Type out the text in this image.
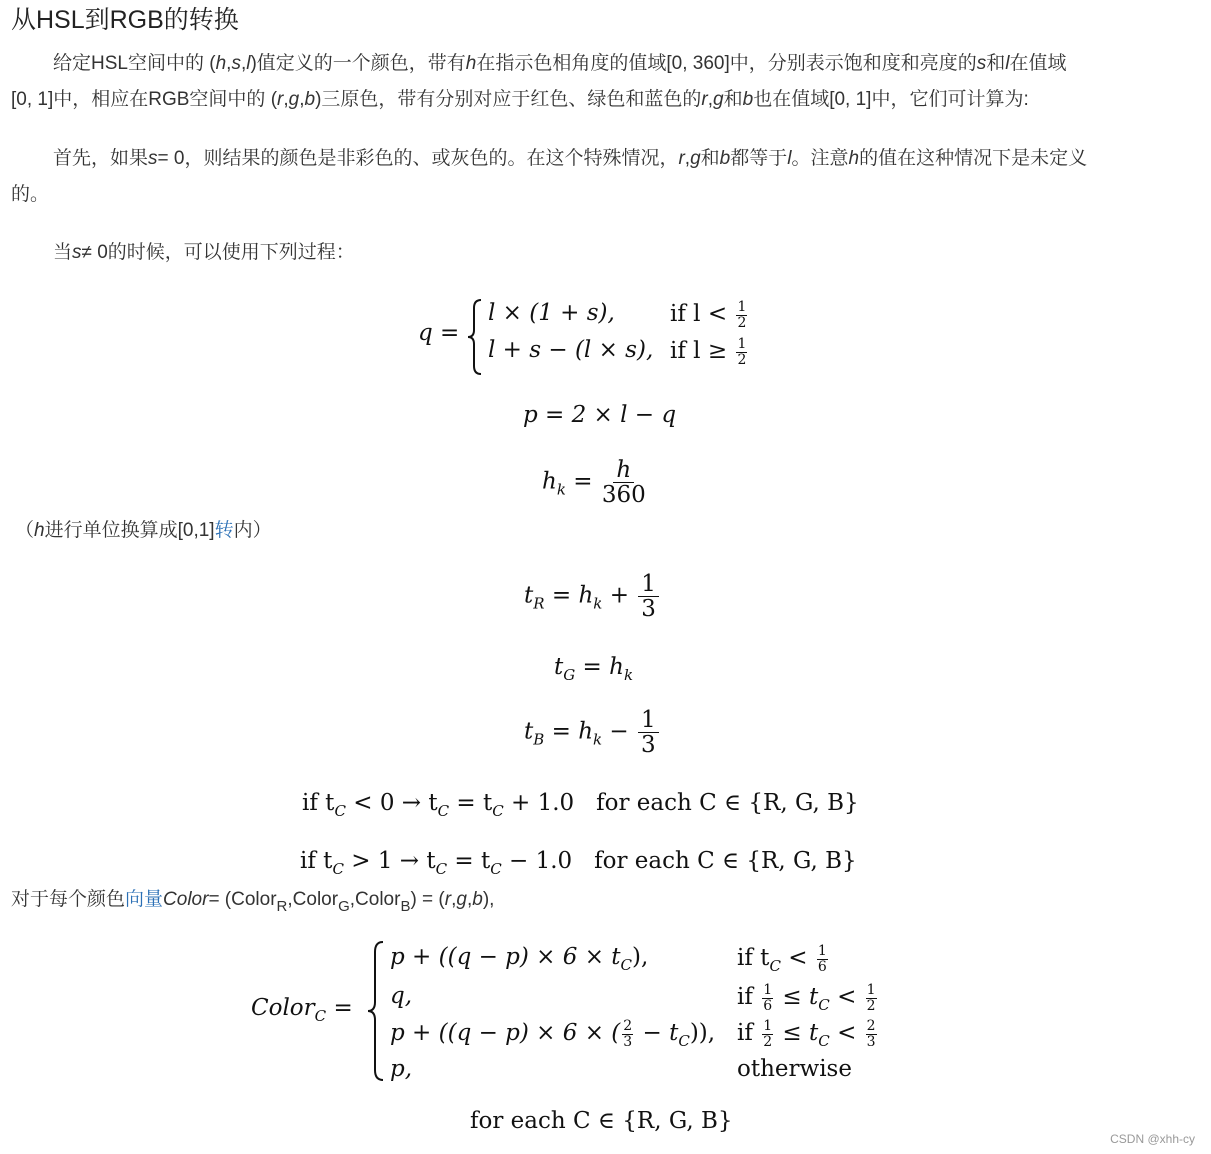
从HSL到RGB的转换

给定HSL空间中的 (h,s,l)值定义的一个颜色，带有h在指示色相角度的值域[0, 360]中，分别表示饱和度和亮度的s和l在值域

[0, 1]中，相应在RGB空间中的 (r,g,b)三原色，带有分别对应于红色、绿色和蓝色的r,g和b也在值域[0, 1]中，它们可计算为:

首先，如果s= 0，则结果的颜色是非彩色的、或灰色的。在这个特殊情况，r,g和b都等于l。注意h的值在这种情况下是未定义

的。

当s≠ 0的时候，可以使用下列过程：

q =
l × (1 + s), if $l < \frac{1}{2}$
l + s − (l × s), if $l \ge \frac{1}{2}$
p = 2 × l − q
$h_k = \frac{h}{360}$

（h进行单位换算成[0,1]转内）

$t_R = h_k + \frac{1}{3}$
$t_G = h_k$
$t_B = h_k - \frac{1}{3}$
if $t_C < 0 \to t_C = t_C + 1.0$ for each C ∈ {R, G, B}
if $t_C > 1 \to t_C = t_C - 1.0$ for each C ∈ {R, G, B}

对于每个颜色向量Color= (Color$_R$,Color$_G$,Color$_B$) = (r,g,b),

Color$_C$ =
$p + ((q - p) \times 6 \times t_C)$,	if $t_C < \frac{1}{6}$
q,	if $\frac{1}{6} \le t_C < \frac{1}{2}$
p + ((q − p) × 6 × ( $\frac{2}{3} - t_C$)), if $\frac{1}{2} \le t_C < \frac{2}{3}$
p,	otherwise
for each C ∈ {R, G, B}
CSDN @xhh-cy
